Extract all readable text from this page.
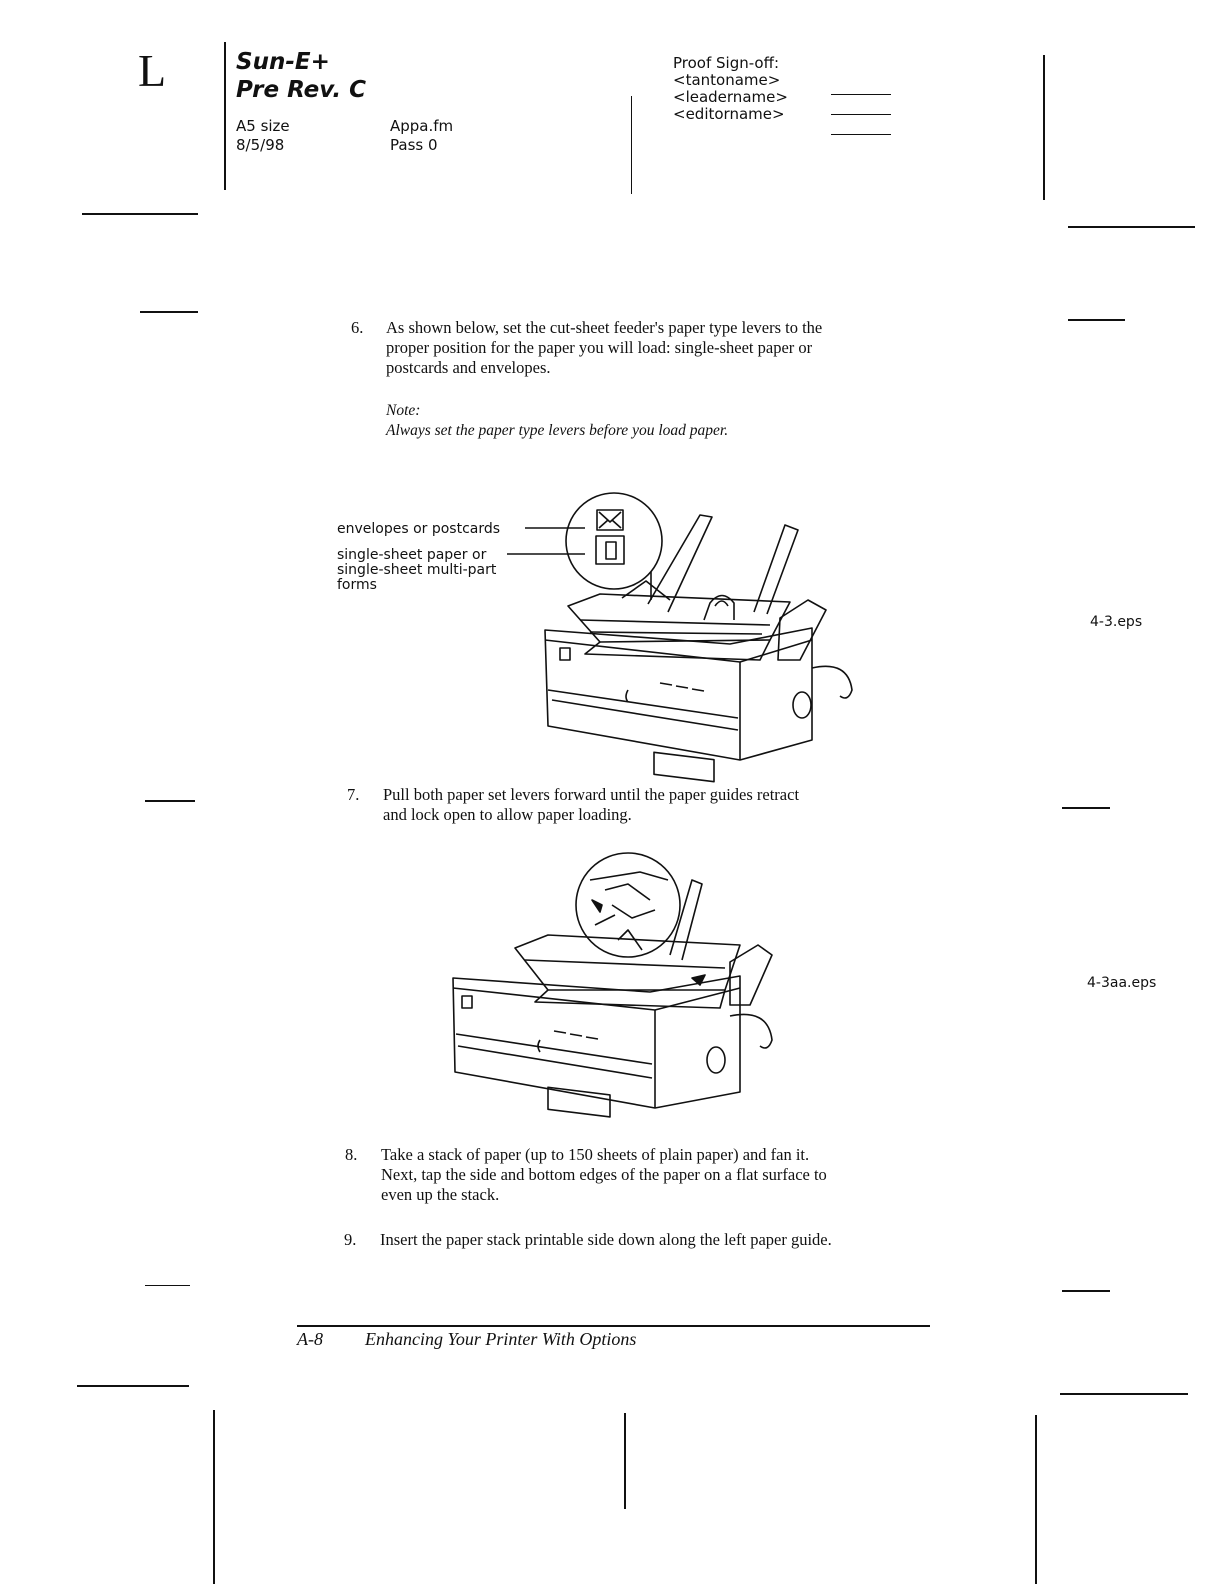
L	Sun-E+
Pre Rev. C
A5 size
8/5/98
Appa.fm
Pass 0
Proof Sign-off:
<tantoname>
<leadername>
<editorname>
6. As shown below, set the cut-sheet feeder's paper type levers to the
proper position for the paper you will load: single-sheet paper or
postcards and envelopes.
Note:
Always set the paper type levers before you load paper.
envelopes or postcards
single-sheet paper or
single-sheet multi-part
forms
4-3.eps
7. Pull both paper set levers forward until the paper guides retract
and lock open to allow paper loading.
4-3aa.eps
8. Take a stack of paper (up to 150 sheets of plain paper) and fan it.
Next, tap the side and bottom edges of the paper on a flat surface to
even up the stack.
9. Insert the paper stack printable side down along the left paper guide.
A-8 Enhancing Your Printer With Options
